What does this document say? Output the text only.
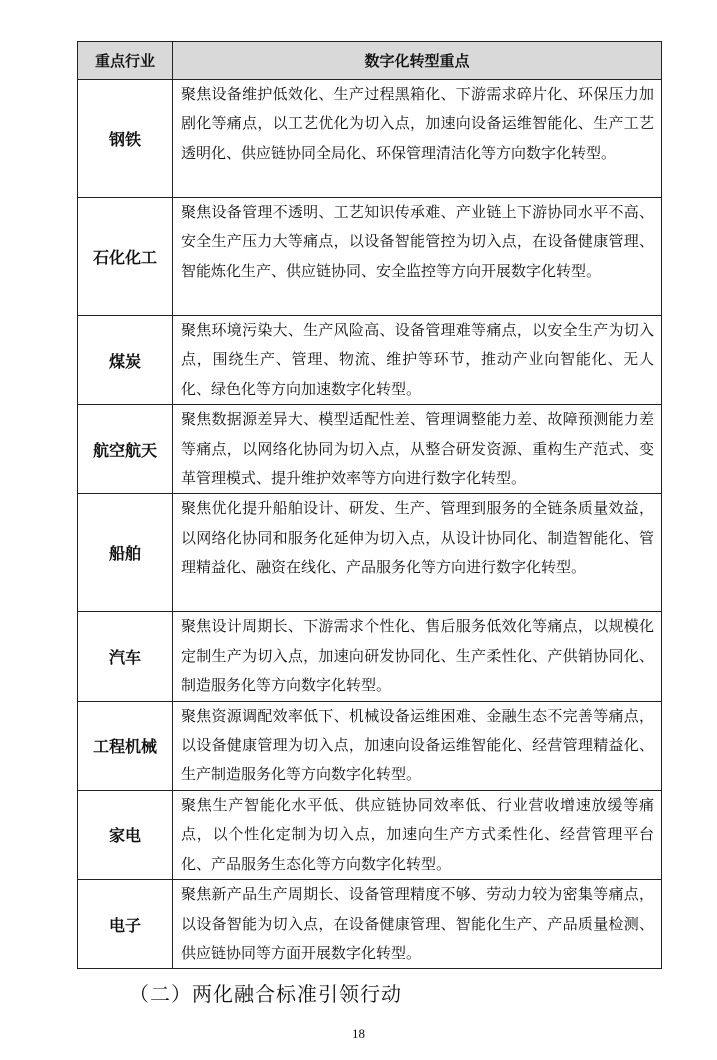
重点行业	数字化转型重点
钢铁	聚焦设备维护低效化、生产过程黑箱化、下游需求碎片化、环保压力加剧化等痛点，以工艺优化为切入点，加速向设备运维智能化、生产工艺透明化、供应链协同全局化、环保管理清洁化等方向数字化转型。
石化化工	聚焦设备管理不透明、工艺知识传承难、产业链上下游协同水平不高、安全生产压力大等痛点，以设备智能管控为切入点，在设备健康管理、智能炼化生产、供应链协同、安全监控等方向开展数字化转型。
煤炭	聚焦环境污染大、生产风险高、设备管理难等痛点，以安全生产为切入点，围绕生产、管理、物流、维护等环节，推动产业向智能化、无人化、绿色化等方向加速数字化转型。
航空航天	聚焦数据源差异大、模型适配性差、管理调整能力差、故障预测能力差等痛点，以网络化协同为切入点，从整合研发资源、重构生产范式、变革管理模式、提升维护效率等方向进行数字化转型。
船舶	聚焦优化提升船舶设计、研发、生产、管理到服务的全链条质量效益，以网络化协同和服务化延伸为切入点，从设计协同化、制造智能化、管理精益化、融资在线化、产品服务化等方向进行数字化转型。
汽车	聚焦设计周期长、下游需求个性化、售后服务低效化等痛点，以规模化定制生产为切入点，加速向研发协同化、生产柔性化、产供销协同化、制造服务化等方向数字化转型。
工程机械	聚焦资源调配效率低下、机械设备运维困难、金融生态不完善等痛点，以设备健康管理为切入点，加速向设备运维智能化、经营管理精益化、生产制造服务化等方向数字化转型。
家电	聚焦生产智能化水平低、供应链协同效率低、行业营收增速放缓等痛点，以个性化定制为切入点，加速向生产方式柔性化、经营管理平台化、产品服务生态化等方向数字化转型。
电子	聚焦新产品生产周期长、设备管理精度不够、劳动力较为密集等痛点，以设备智能为切入点，在设备健康管理、智能化生产、产品质量检测、供应链协同等方面开展数字化转型。
（二）两化融合标准引领行动
18
